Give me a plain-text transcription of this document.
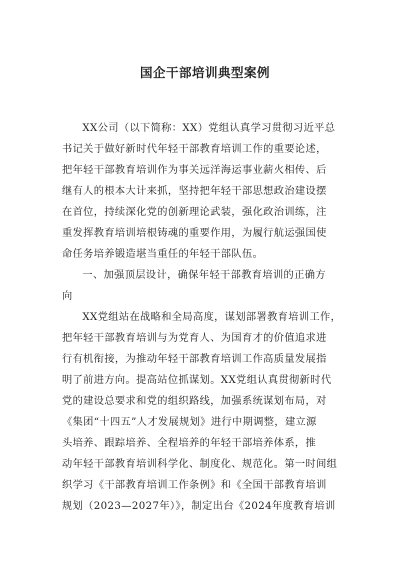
国企干部培训典型案例
XX公司（以下简称：XX）党组认真学习贯彻习近平总
书记关于做好新时代年轻干部教育培训工作的重要论述，
把年轻干部教育培训作为事关远洋海运事业薪火相传、后
继有人的根本大计来抓，坚持把年轻干部思想政治建设摆
在首位，持续深化党的创新理论武装，强化政治训练，注
重发挥教育培训培根铸魂的重要作用，为履行航运强国使
命任务培养锻造堪当重任的年轻干部队伍。
一、加强顶层设计，确保年轻干部教育培训的正确方
向
XX党组站在战略和全局高度，谋划部署教育培训工作，
把年轻干部教育培训与为党育人、为国育才的价值追求进
行有机衔接，为推动年轻干部教育培训工作高质量发展指
明了前进方向。提高站位抓谋划。XX党组认真贯彻新时代
党的建设总要求和党的组织路线，加强系统谋划布局，对
《集团“十四五”人才发展规划》进行中期调整，建立源
头培养、跟踪培养、全程培养的年轻干部培养体系，推
动年轻干部教育培训科学化、制度化、规范化。第一时间组
织学习《干部教育培训工作条例》和《全国干部教育培训
规划（2023—2027年）》，制定出台《2024年度教育培训
